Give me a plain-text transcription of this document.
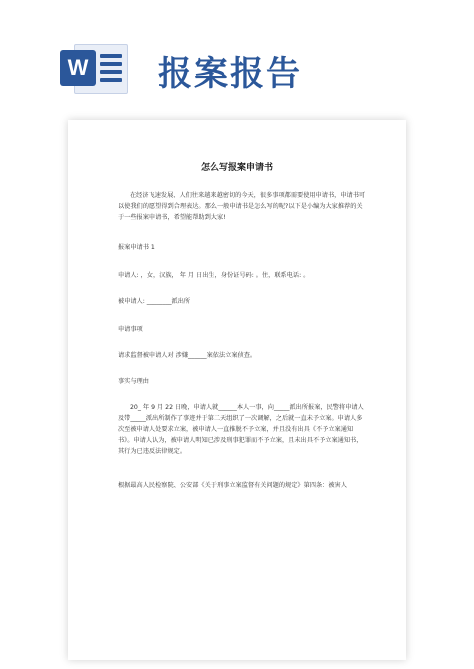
W 报案报告
怎么写报案申请书
在经济飞速发展、人们往来越来越密切的今天，很多事项都需要使用申请书，申请书可以使我们的愿望得到合理表达。那么一般申请书是怎么写的呢?以下是小编为大家推荐的关于一些报案申请书，希望能帮助到大家!
报案申请书 1
申请人: ，女，汉族， 年 月 日出生，身份证号码: 。住，联系电话: 。
被申请人: ________派出所
申请事项
请求监督被申请人对 涉嫌______案依法立案侦查。
事实与理由
20_ 年 9 月 22 日晚，申请人就______本人一事，向_____派出所报案，民警将申请人及带_____派出所制作了事迹并于第二天组织了一次调解，之后就一直未予立案。申请人多次至被申请人处要求立案，被申请人一直推脱不予立案，并且没有出具《不予立案通知书》。申请人认为，被申请人明知已涉及刑事犯罪而不予立案，且未出具不予立案通知书，其行为已违反法律规定。
根据最高人民检察院、公安部《关于刑事立案监督有关问题的规定》第四条：被害人
